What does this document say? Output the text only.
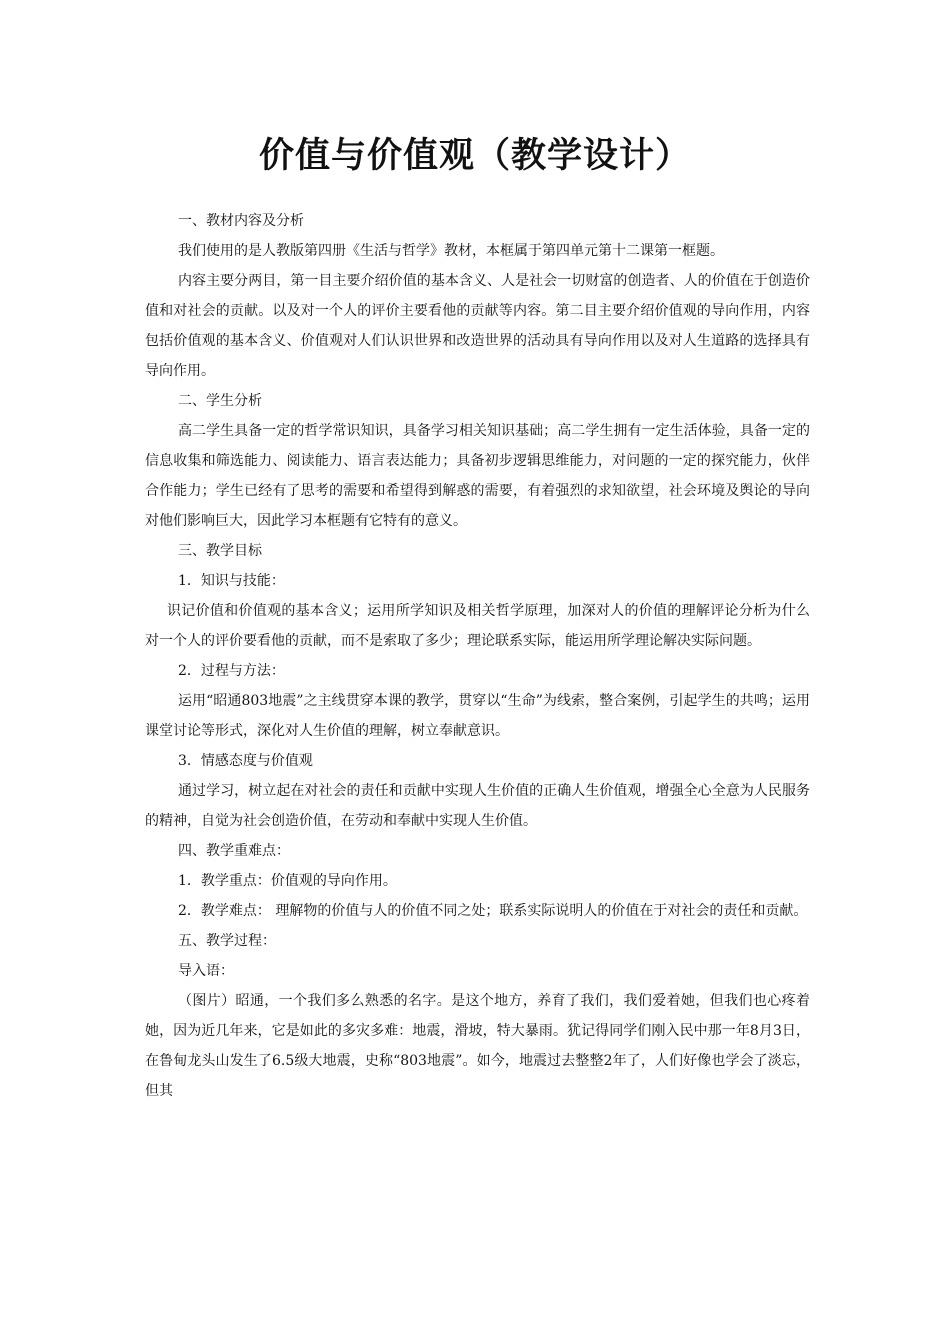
价值与价值观（教学设计）

一、教材内容及分析

我们使用的是人教版第四册《生活与哲学》教材，本框属于第四单元第十二课第一框题。

内容主要分两目，第一目主要介绍价值的基本含义、人是社会一切财富的创造者、人的价值在于创造价值和对社会的贡献。以及对一个人的评价主要看他的贡献等内容。第二目主要介绍价值观的导向作用，内容包括价值观的基本含义、价值观对人们认识世界和改造世界的活动具有导向作用以及对人生道路的选择具有导向作用。

二、学生分析

高二学生具备一定的哲学常识知识，具备学习相关知识基础；高二学生拥有一定生活体验，具备一定的信息收集和筛选能力、阅读能力、语言表达能力；具备初步逻辑思维能力，对问题的一定的探究能力，伙伴合作能力；学生已经有了思考的需要和希望得到解惑的需要，有着强烈的求知欲望，社会环境及舆论的导向对他们影响巨大，因此学习本框题有它特有的意义。

三、教学目标

1．知识与技能：

识记价值和价值观的基本含义；运用所学知识及相关哲学原理，加深对人的价值的理解评论分析为什么对一个人的评价要看他的贡献，而不是索取了多少；理论联系实际，能运用所学理论解决实际问题。

2．过程与方法：

运用“昭通803地震”之主线贯穿本课的教学，贯穿以“生命”为线索，整合案例，引起学生的共鸣；运用课堂讨论等形式，深化对人生价值的理解，树立奉献意识。

3．情感态度与价值观

通过学习，树立起在对社会的责任和贡献中实现人生价值的正确人生价值观，增强全心全意为人民服务的精神，自觉为社会创造价值，在劳动和奉献中实现人生价值。

四、教学重难点：

1．教学重点：价值观的导向作用。

2．教学难点： 理解物的价值与人的价值不同之处；联系实际说明人的价值在于对社会的责任和贡献。

五、教学过程：

导入语：

（图片）昭通，一个我们多么熟悉的名字。是这个地方，养育了我们，我们爱着她，但我们也心疼着她，因为近几年来，它是如此的多灾多难：地震，滑坡，特大暴雨。犹记得同学们刚入民中那一年8月3日，在鲁甸龙头山发生了6.5级大地震，史称“803地震”。如今，地震过去整整2年了，人们好像也学会了淡忘，但其
